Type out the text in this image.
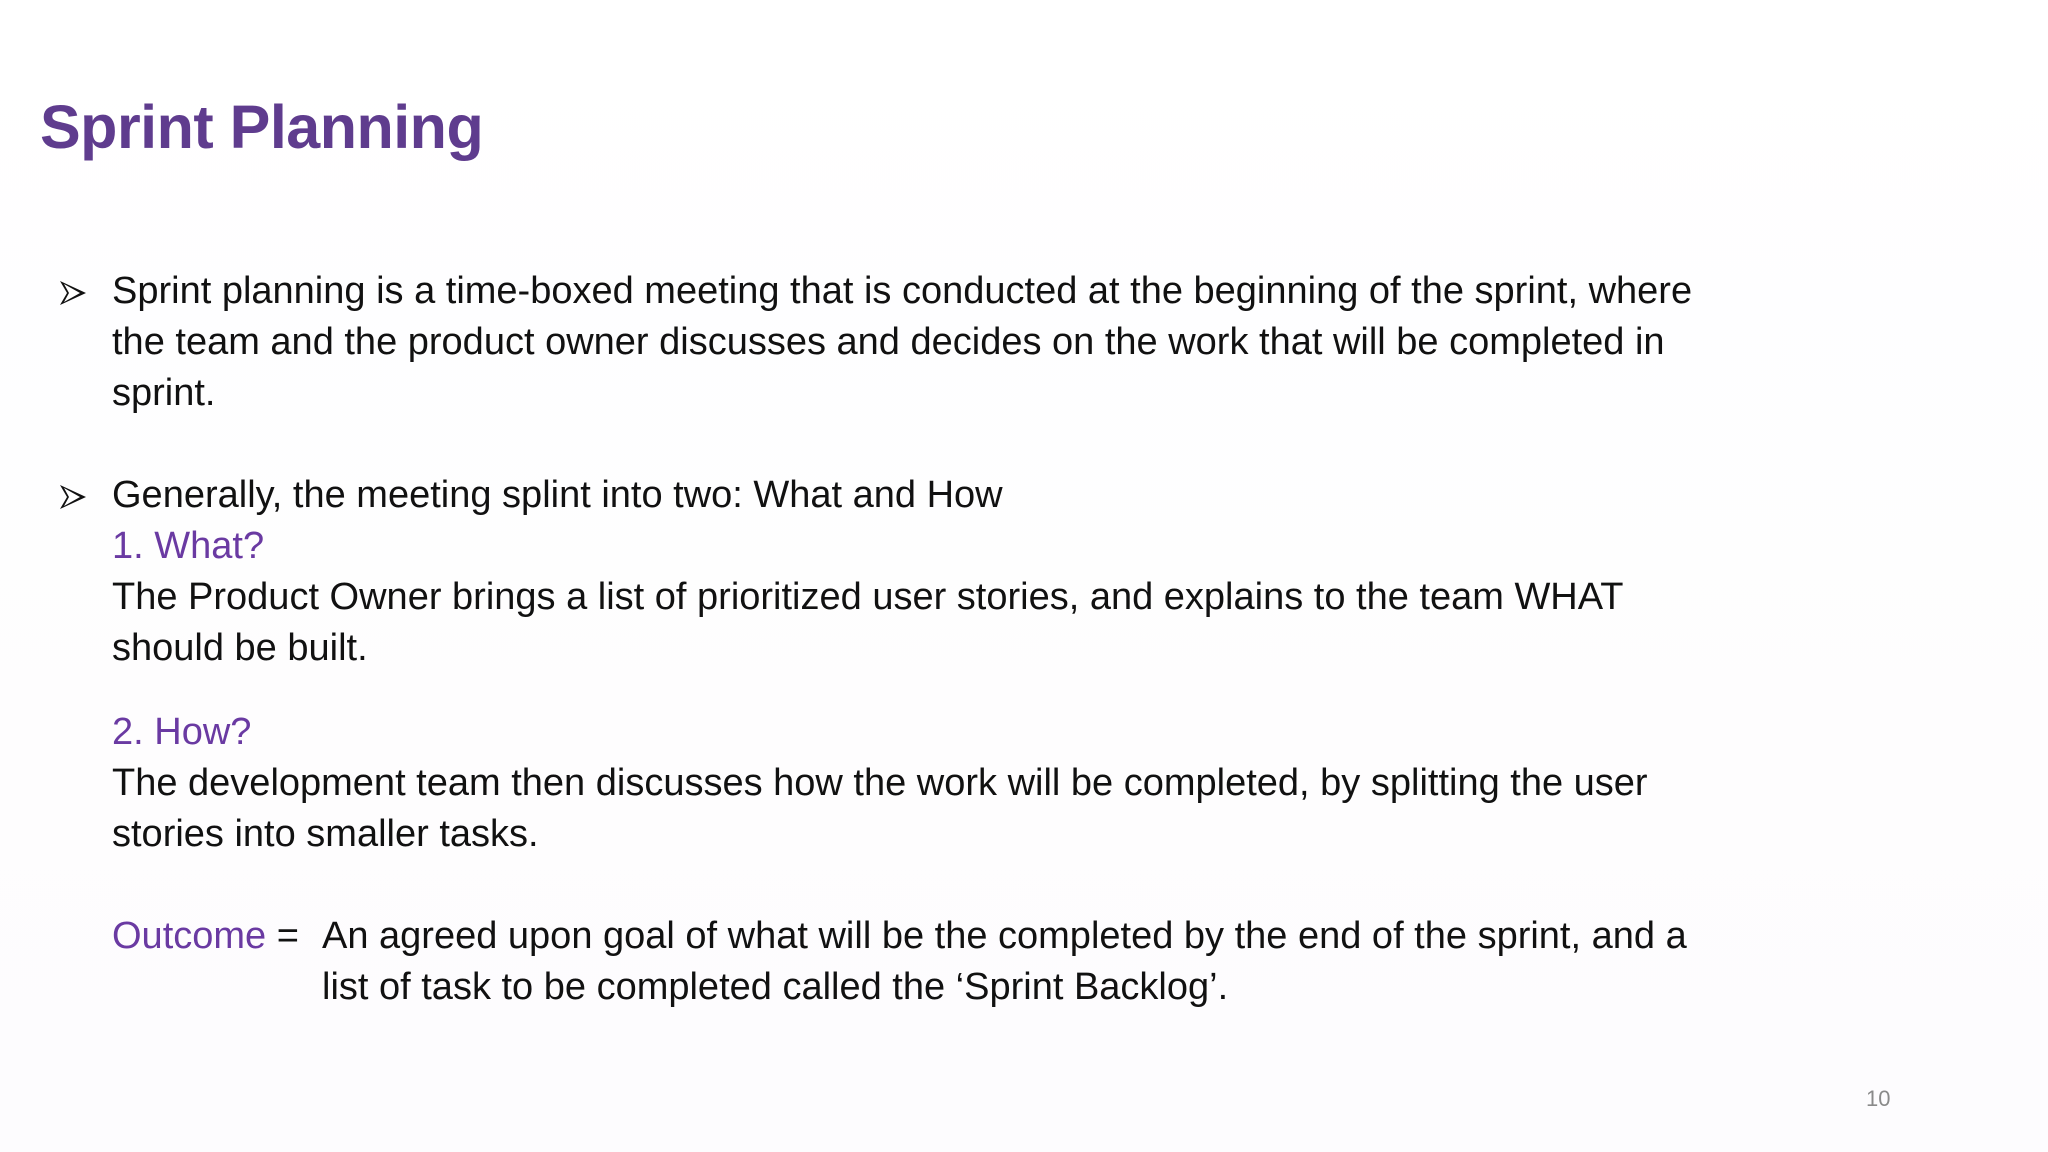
Sprint Planning
Sprint planning is a time-boxed meeting that is conducted at the beginning of the sprint, where
the team and the product owner discusses and decides on the work that will be completed in
sprint.
Generally, the meeting splint into two: What and How
1. What?
The Product Owner brings a list of prioritized user stories, and explains to the team WHAT
should be built.
2. How?
The development team then discusses how the work will be completed, by splitting the user
stories into smaller tasks.
Outcome = An agreed upon goal of what will be the completed by the end of the sprint, and a
list of task to be completed called the ‘Sprint Backlog’.
10
